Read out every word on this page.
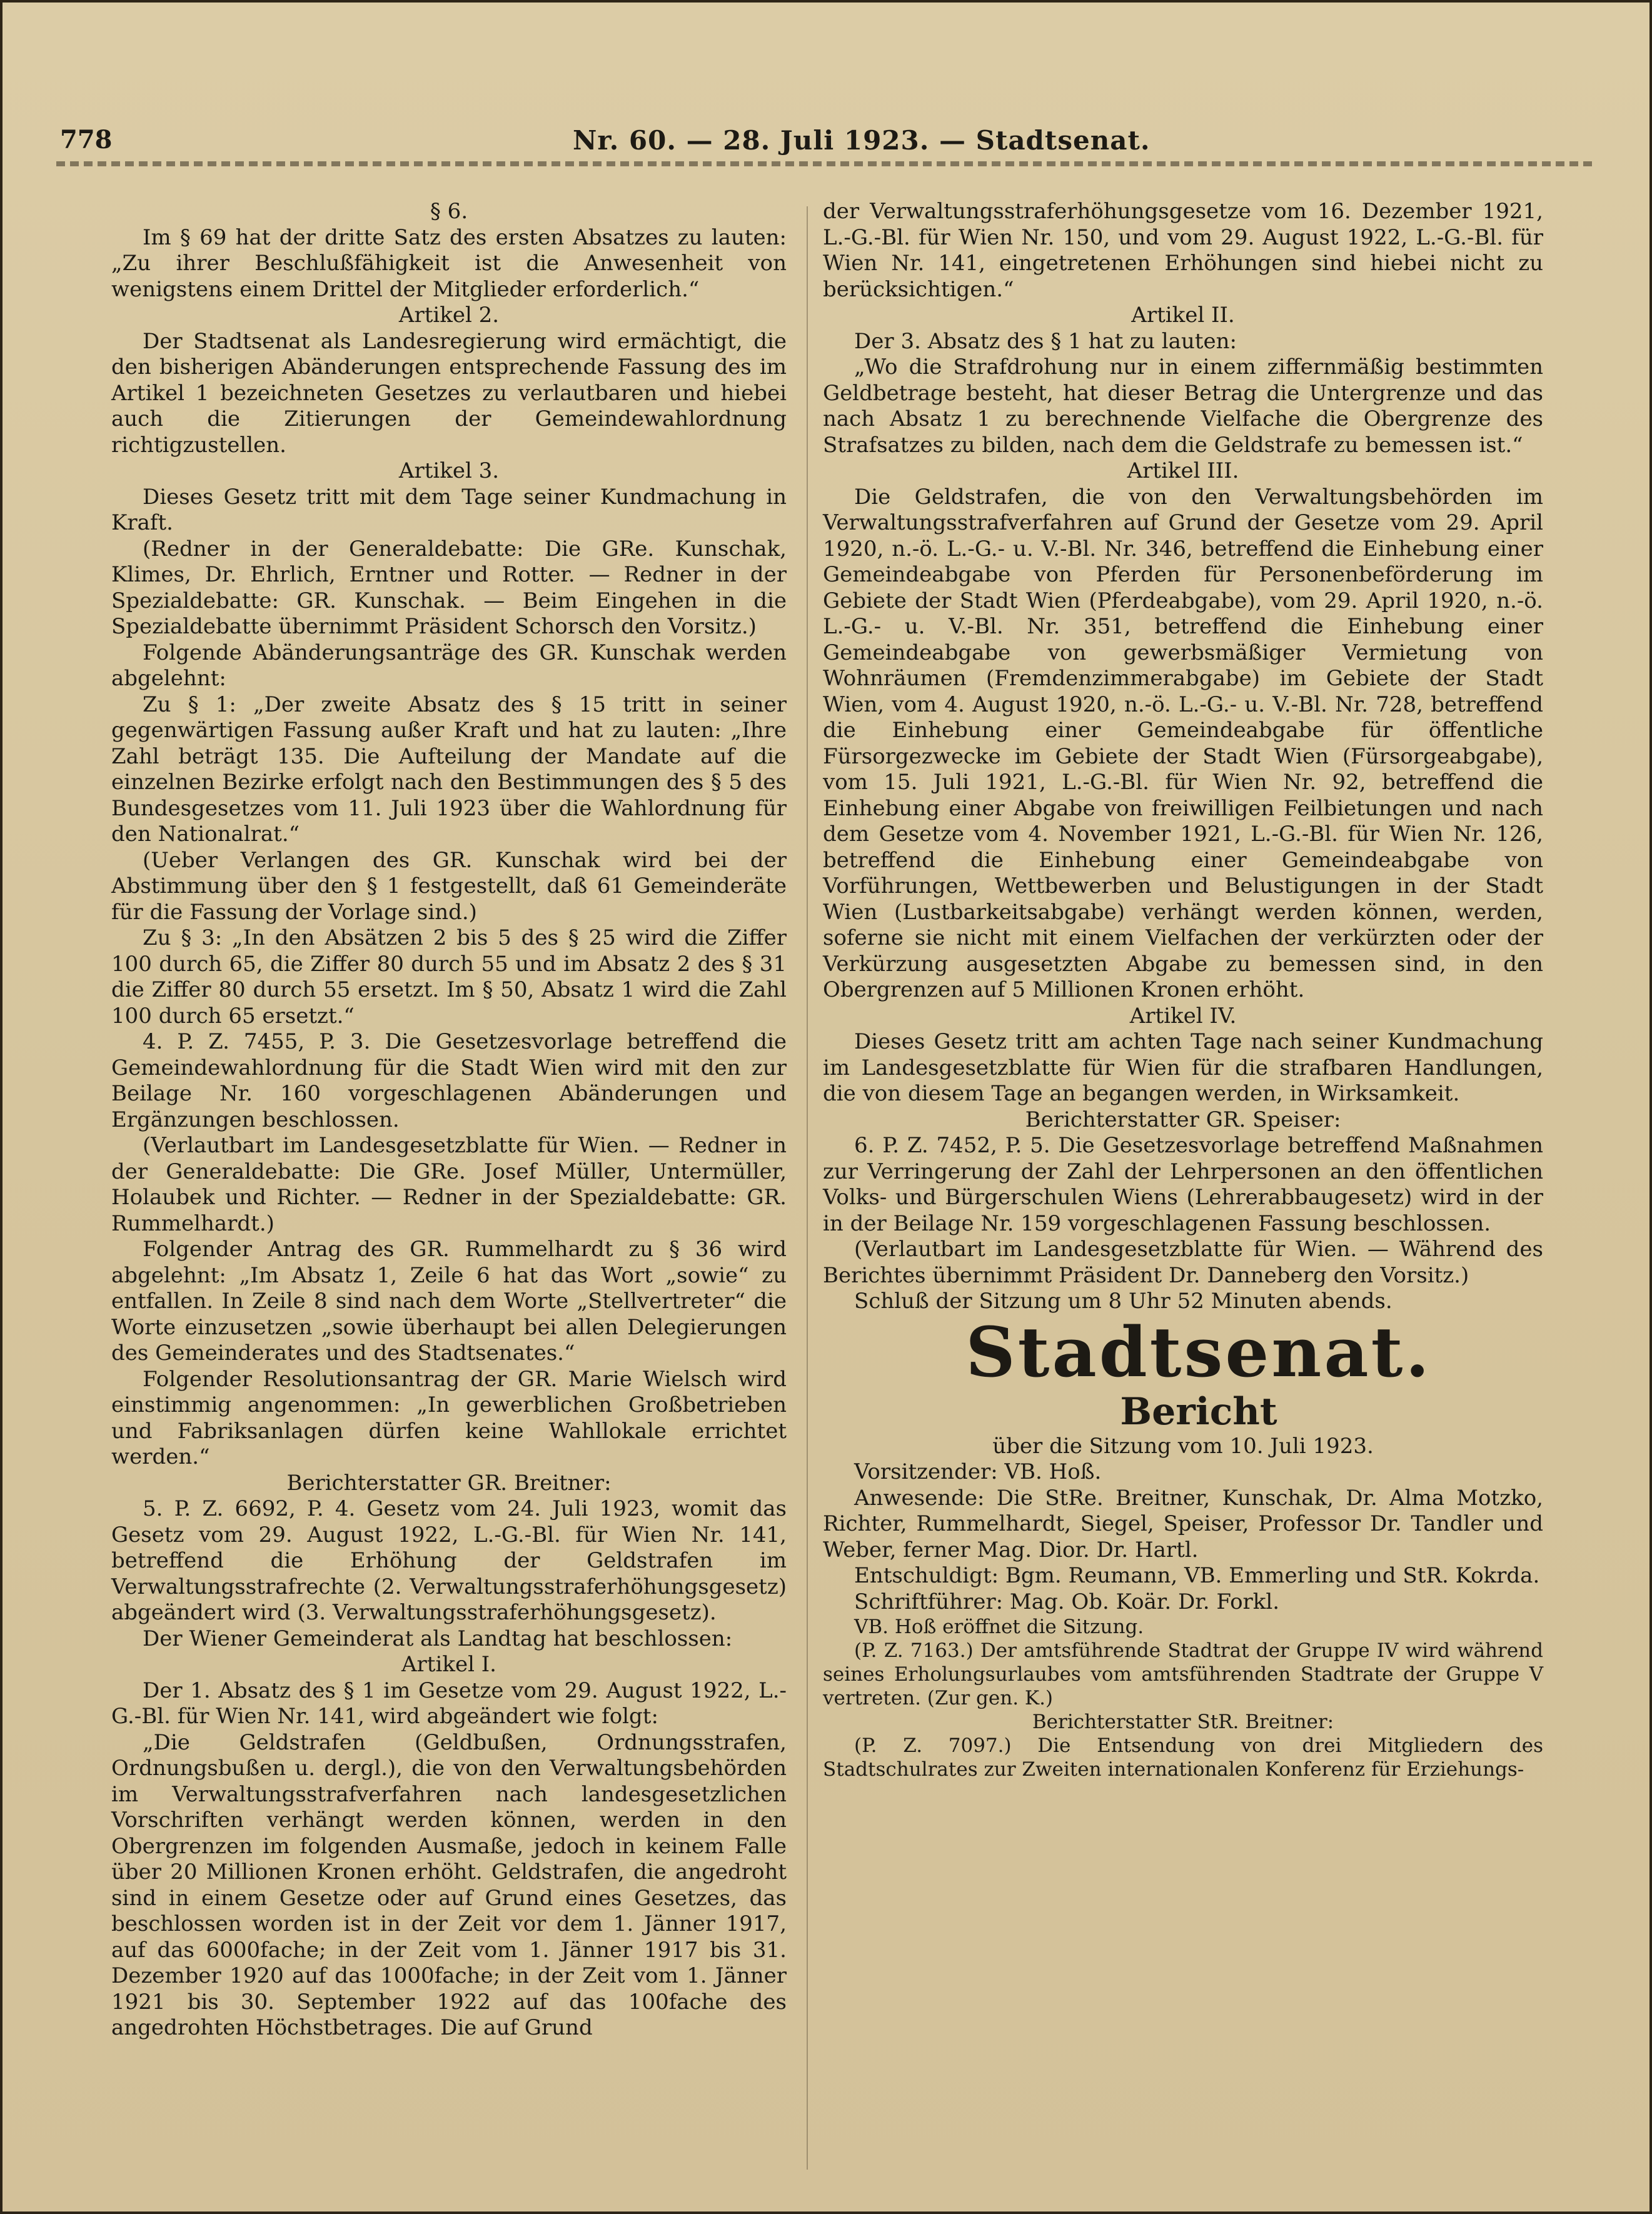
778	Nr. 60. — 28. Juli 1923. — Stadtsenat.

§ 6.

Im § 69 hat der dritte Satz des ersten Absatzes zu lauten: „Zu ihrer Beschlußfähigkeit ist die Anwesenheit von wenigstens einem Drittel der Mitglieder erforderlich.“

Artikel 2.

Der Stadtsenat als Landesregierung wird ermächtigt, die den bisherigen Abänderungen entsprechende Fassung des im Artikel 1 bezeichneten Gesetzes zu verlautbaren und hiebei auch die Zitierungen der Gemeindewahlordnung richtigzustellen.

Artikel 3.

Dieses Gesetz tritt mit dem Tage seiner Kundmachung in Kraft.

(Redner in der Generaldebatte: Die GRe. Kunschak, Klimes, Dr. Ehrlich, Erntner und Rotter. — Redner in der Spezialdebatte: GR. Kunschak. — Beim Eingehen in die Spezialdebatte übernimmt Präsident Schorsch den Vorsitz.)

Folgende Abänderungsanträge des GR. Kunschak werden abgelehnt:

Zu § 1: „Der zweite Absatz des § 15 tritt in seiner gegenwärtigen Fassung außer Kraft und hat zu lauten: „Ihre Zahl beträgt 135. Die Aufteilung der Mandate auf die einzelnen Bezirke erfolgt nach den Bestimmungen des § 5 des Bundesgesetzes vom 11. Juli 1923 über die Wahlordnung für den Nationalrat.“

(Ueber Verlangen des GR. Kunschak wird bei der Abstimmung über den § 1 festgestellt, daß 61 Gemeinderäte für die Fassung der Vorlage sind.)

Zu § 3: „In den Absätzen 2 bis 5 des § 25 wird die Ziffer 100 durch 65, die Ziffer 80 durch 55 und im Absatz 2 des § 31 die Ziffer 80 durch 55 ersetzt. Im § 50, Absatz 1 wird die Zahl 100 durch 65 ersetzt.“

4. P. Z. 7455, P. 3. Die Gesetzesvorlage betreffend die Gemeindewahlordnung für die Stadt Wien wird mit den zur Beilage Nr. 160 vorgeschlagenen Abänderungen und Ergänzungen beschlossen.

(Verlautbart im Landesgesetzblatte für Wien. — Redner in der Generaldebatte: Die GRe. Josef Müller, Untermüller, Holaubek und Richter. — Redner in der Spezialdebatte: GR. Rummelhardt.)

Folgender Antrag des GR. Rummelhardt zu § 36 wird abgelehnt: „Im Absatz 1, Zeile 6 hat das Wort „sowie“ zu entfallen. In Zeile 8 sind nach dem Worte „Stellvertreter“ die Worte einzusetzen „sowie überhaupt bei allen Delegierungen des Gemeinderates und des Stadtsenates.“

Folgender Resolutionsantrag der GR. Marie Wielsch wird einstimmig angenommen: „In gewerblichen Großbetrieben und Fabriksanlagen dürfen keine Wahllokale errichtet werden.“

Berichterstatter GR. Breitner:

5. P. Z. 6692, P. 4. Gesetz vom 24. Juli 1923, womit das Gesetz vom 29. August 1922, L.-G.-Bl. für Wien Nr. 141, betreffend die Erhöhung der Geldstrafen im Verwaltungsstrafrechte (2. Verwaltungsstraferhöhungsgesetz) abgeändert wird (3. Verwaltungsstraferhöhungsgesetz).

Der Wiener Gemeinderat als Landtag hat beschlossen:

Artikel I.

Der 1. Absatz des § 1 im Gesetze vom 29. August 1922, L.-G.-Bl. für Wien Nr. 141, wird abgeändert wie folgt:

„Die Geldstrafen (Geldbußen, Ordnungsstrafen, Ordnungsbußen u. dergl.), die von den Verwaltungsbehörden im Verwaltungsstrafverfahren nach landesgesetzlichen Vorschriften verhängt werden können, werden in den Obergrenzen im folgenden Ausmaße, jedoch in keinem Falle über 20 Millionen Kronen erhöht. Geldstrafen, die angedroht sind in einem Gesetze oder auf Grund eines Gesetzes, das beschlossen worden ist in der Zeit vor dem 1. Jänner 1917, auf das 6000fache; in der Zeit vom 1. Jänner 1917 bis 31. Dezember 1920 auf das 1000fache; in der Zeit vom 1. Jänner 1921 bis 30. September 1922 auf das 100fache des angedrohten Höchstbetrages. Die auf Grund

der Verwaltungsstraferhöhungsgesetze vom 16. Dezember 1921, L.-G.-Bl. für Wien Nr. 150, und vom 29. August 1922, L.-G.-Bl. für Wien Nr. 141, eingetretenen Erhöhungen sind hiebei nicht zu berücksichtigen.“

Artikel II.

Der 3. Absatz des § 1 hat zu lauten:

„Wo die Strafdrohung nur in einem ziffernmäßig bestimmten Geldbetrage besteht, hat dieser Betrag die Untergrenze und das nach Absatz 1 zu berechnende Vielfache die Obergrenze des Strafsatzes zu bilden, nach dem die Geldstrafe zu bemessen ist.“

Artikel III.

Die Geldstrafen, die von den Verwaltungsbehörden im Verwaltungsstrafverfahren auf Grund der Gesetze vom 29. April 1920, n.-ö. L.-G.- u. V.-Bl. Nr. 346, betreffend die Einhebung einer Gemeindeabgabe von Pferden für Personenbeförderung im Gebiete der Stadt Wien (Pferdeabgabe), vom 29. April 1920, n.-ö. L.-G.- u. V.-Bl. Nr. 351, betreffend die Einhebung einer Gemeindeabgabe von gewerbsmäßiger Vermietung von Wohnräumen (Fremdenzimmerabgabe) im Gebiete der Stadt Wien, vom 4. August 1920, n.-ö. L.-G.- u. V.-Bl. Nr. 728, betreffend die Einhebung einer Gemeindeabgabe für öffentliche Fürsorgezwecke im Gebiete der Stadt Wien (Fürsorgeabgabe), vom 15. Juli 1921, L.-G.-Bl. für Wien Nr. 92, betreffend die Einhebung einer Abgabe von freiwilligen Feilbietungen und nach dem Gesetze vom 4. November 1921, L.-G.-Bl. für Wien Nr. 126, betreffend die Einhebung einer Gemeindeabgabe von Vorführungen, Wettbewerben und Belustigungen in der Stadt Wien (Lustbarkeitsabgabe) verhängt werden können, werden, soferne sie nicht mit einem Vielfachen der verkürzten oder der Verkürzung ausgesetzten Abgabe zu bemessen sind, in den Obergrenzen auf 5 Millionen Kronen erhöht.

Artikel IV.

Dieses Gesetz tritt am achten Tage nach seiner Kundmachung im Landesgesetzblatte für Wien für die strafbaren Handlungen, die von diesem Tage an begangen werden, in Wirksamkeit.

Berichterstatter GR. Speiser:

6. P. Z. 7452, P. 5. Die Gesetzesvorlage betreffend Maßnahmen zur Verringerung der Zahl der Lehrpersonen an den öffentlichen Volks- und Bürgerschulen Wiens (Lehrerabbaugesetz) wird in der in der Beilage Nr. 159 vorgeschlagenen Fassung beschlossen.

(Verlautbart im Landesgesetzblatte für Wien. — Während des Berichtes übernimmt Präsident Dr. Danneberg den Vorsitz.)

Schluß der Sitzung um 8 Uhr 52 Minuten abends.

Stadtsenat.

Bericht

über die Sitzung vom 10. Juli 1923.

Vorsitzender: VB. Hoß.

Anwesende: Die StRe. Breitner, Kunschak, Dr. Alma Motzko, Richter, Rummelhardt, Siegel, Speiser, Professor Dr. Tandler und Weber, ferner Mag. Dior. Dr. Hartl.

Entschuldigt: Bgm. Reumann, VB. Emmerling und StR. Kokrda.

Schriftführer: Mag. Ob. Koär. Dr. Forkl.

VB. Hoß eröffnet die Sitzung.

(P. Z. 7163.) Der amtsführende Stadtrat der Gruppe IV wird während seines Erholungsurlaubes vom amtsführenden Stadtrate der Gruppe V vertreten. (Zur gen. K.)

Berichterstatter StR. Breitner:

(P. Z. 7097.) Die Entsendung von drei Mitgliedern des Stadtschulrates zur Zweiten internationalen Konferenz für Erziehungs-
